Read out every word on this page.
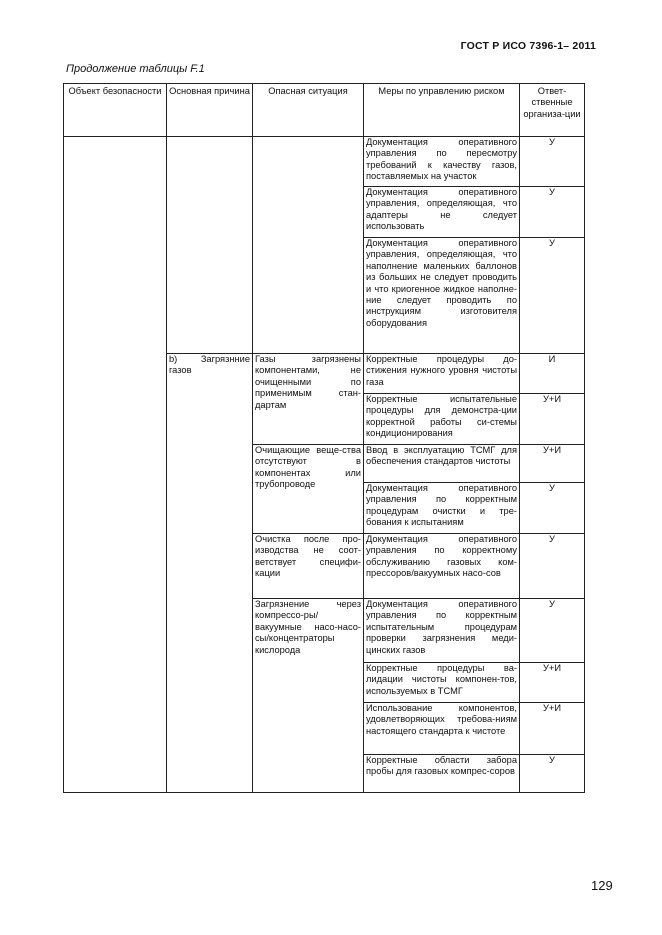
ГОСТ Р ИСО 7396-1– 2011
Продолжение таблицы F.1
Объект безопасности	Основная причина	Опасная ситуация	Меры по управлению риском	Ответ-ственные организа-ции
			Документация оперативного управления по пересмотру требований к качеству газов, поставляемых на участок	У
			Документация оперативного управления, определяющая, что адаптеры не следует использовать	У
			Документация оперативного управления, определяющая, что наполнение маленьких баллонов из больших не следует проводить и что криогенное жидкое наполне-ние следует проводить по инструкциям изготовителя оборудования	У
	b) Загрязнние газов	Газы загрязнены компонентами, не очищенными по применимым стан-дартам	Корректные процедуры до-стижения нужного уровня чистоты газа	И
			Корректные испытательные процедуры для демонстра-ции корректной работы си-стемы кондиционирования	У+И
		Очищающие веще-ства отсутствуют в компонентах или трубопроводе	Ввод в эксплуатацию ТСМГ для обеспечения стандартов чистоты	У+И
			Документация оперативного управления по корректным процедурам очистки и тре-бования к испытаниям	У
		Очистка после про-изводства не соот-ветствует специфи-кации	Документация оперативного управления по корректному обслуживанию газовых ком-прессоров/вакуумных насо-сов	У
		Загрязнение через компрессо-ры/вакуумные насо-насо-сы/концентраторы кислорода	Документация оперативного управления по корректным испытательным процедурам проверки загрязнения меди-цинских газов	У
			Корректные процедуры ва-лидации чистоты компонен-тов, используемых в ТСМГ	У+И
			Использование компонентов, удовлетворяющих требова-ниям настоящего стандарта к чистоте	У+И
			Корректные области забора пробы для газовых компрес-соров	У
129
